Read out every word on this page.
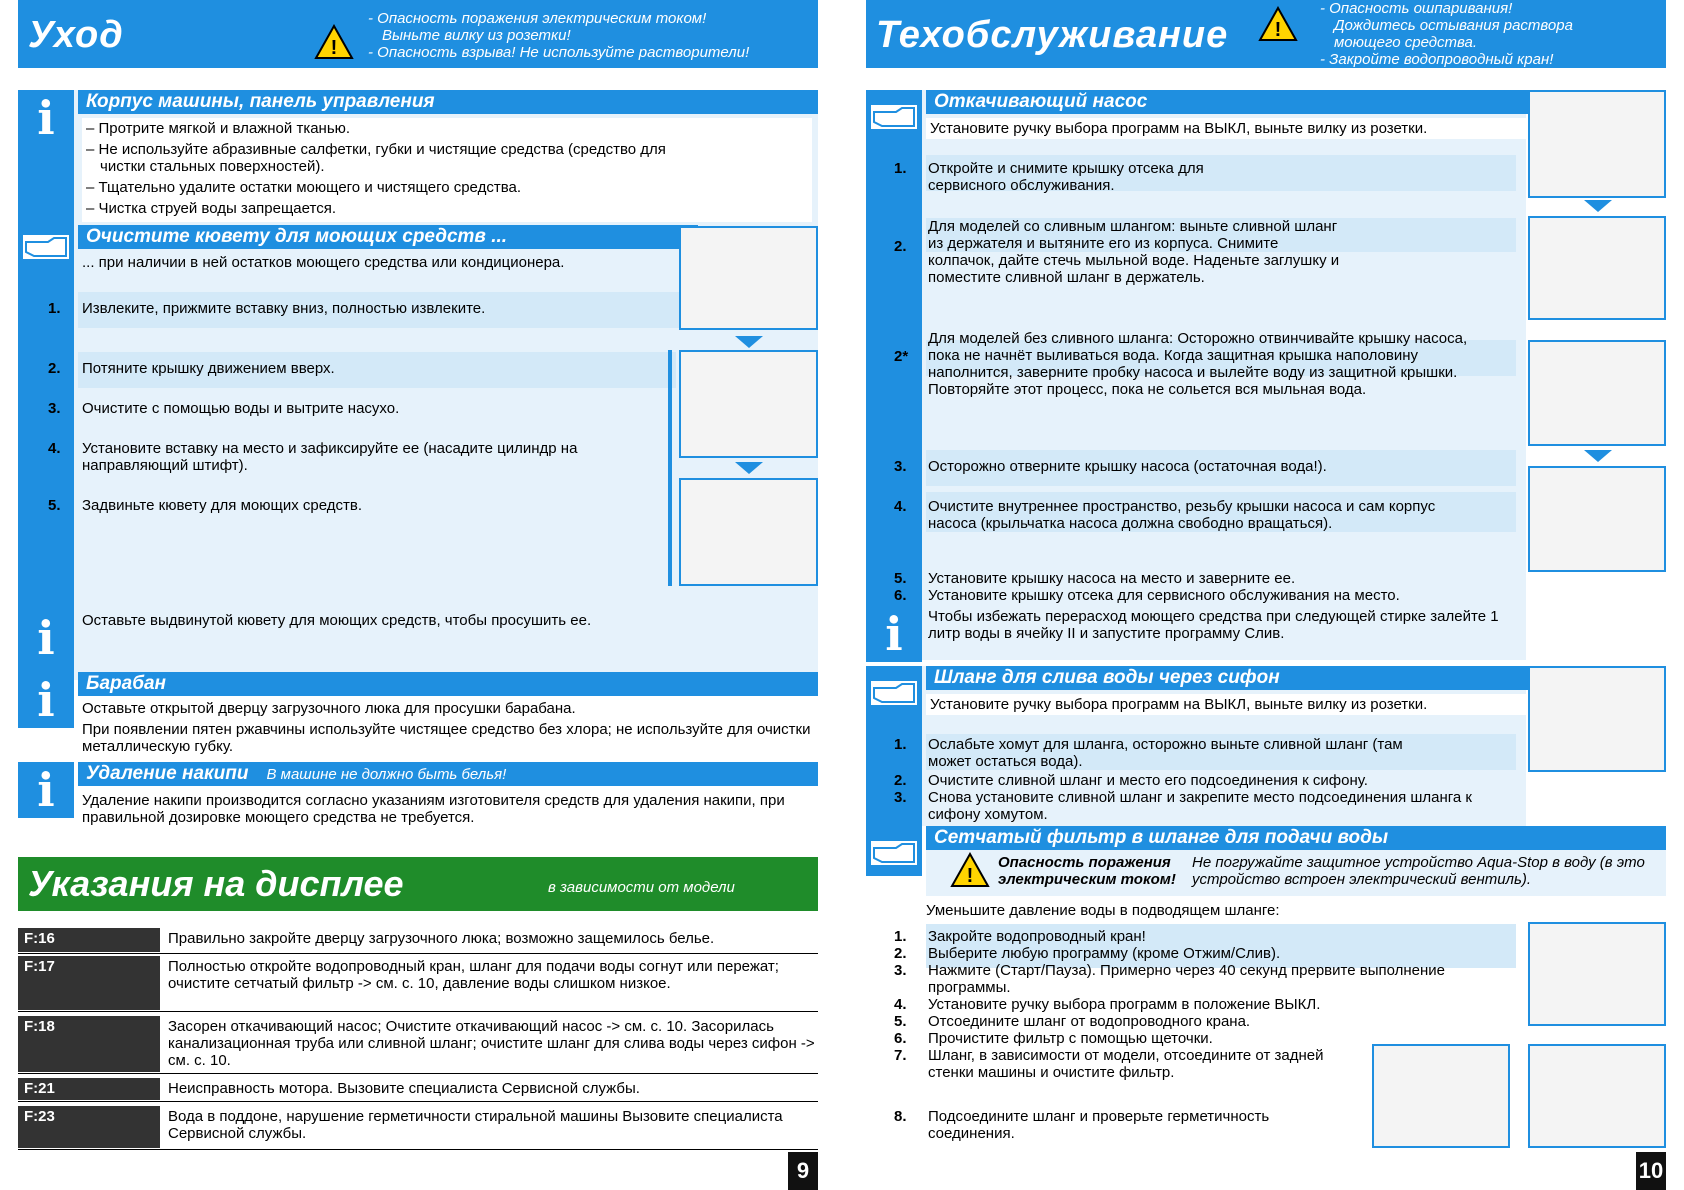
Уход	!
- Опасность поражения электрическим током!
Выньте вилку из розетки!
- Опасность взрыва! Не используйте растворители!
i	Корпус машины, панель управления
– Протрите мягкой и влажной тканью.
– Не используйте абразивные салфетки, губки и чистящие средства (средство для
чистки стальных поверхностей).
– Тщательно удалите остатки моющего и чистящего средства.
– Чистка струей воды запрещается.
Очистите кювету для моющих средств ...
... при наличии в ней остатков моющего средства или кондиционера.
1. Извлеките, прижмите вставку вниз, полностью извлеките.
2. Потяните крышку движением вверх.
3. Очистите с помощью воды и вытрите насухо.
4. Установите вставку на место и зафиксируйте ее (насадите цилиндр на направляющий штифт).
5. Задвиньте кювету для моющих средств.
i	Оставьте выдвинутой кювету для моющих средств, чтобы просушить ее.
i	Барабан
Оставьте открытой дверцу загрузочного люка для просушки барабана.
При появлении пятен ржавчины используйте чистящее средство без хлора; не используйте для очистки металлическую губку.
i	Удаление накипи В машине не должно быть белья!
Удаление накипи производится согласно указаниям изготовителя средств для удаления накипи, при правильной дозировке моющего средства не требуется.
Указания на дисплее	в зависимости от модели
F:16	Правильно закройте дверцу загрузочного люка; возможно защемилось белье.
F:17	Полностью откройте водопроводный кран, шланг для подачи воды согнут или пережат; очистите сетчатый фильтр -> см. с. 10, давление воды слишком низкое.
F:18	Засорен откачивающий насос; Очистите откачивающий насос -> см. с. 10. Засорилась канализационная труба или сливной шланг; очистите шланг для слива воды через сифон -> см. с. 10.
F:21	Неисправность мотора. Вызовите специалиста Сервисной службы.
F:23	Вода в поддоне, нарушение герметичности стиральной машины Вызовите специалиста Сервисной службы.
9
Техобслуживание !
- Опасность ошпаривания!
Дождитесь остывания раствора
моющего средства.
- Закройте водопроводный кран!
Откачивающий насос
Установите ручку выбора программ на ВЫКЛ, выньте вилку из розетки.
1. Откройте и снимите крышку отсека для сервисного обслуживания.
2.
Для моделей со сливным шлангом: выньте сливной шланг из держателя и вытяните его из корпуса. Снимите колпачок, дайте стечь мыльной воде. Наденьте заглушку и поместите сливной шланг в держатель.
2*
Для моделей без сливного шланга: Осторожно отвинчивайте крышку насоса, пока не начнёт выливаться вода. Когда защитная крышка наполовину наполнится, заверните пробку насоса и вылейте воду из защитной крышки. Повторяйте этот процесс, пока не сольется вся мыльная вода.
3. Осторожно отверните крышку насоса (остаточная вода!).
4. Очистите внутреннее пространство, резьбу крышки насоса и сам корпус насоса (крыльчатка насоса должна свободно вращаться).
5. Установите крышку насоса на место и заверните ее.
6. Установите крышку отсека для сервисного обслуживания на место.
i	Чтобы избежать перерасход моющего средства при следующей стирке залейте 1 литр воды в ячейку II и запустите программу Слив.
Шланг для слива воды через сифон
Установите ручку выбора программ на ВЫКЛ, выньте вилку из розетки.
1. Ослабьте хомут для шланга, осторожно выньте сливной шланг (там может остаться вода).
2. Очистите сливной шланг и место его подсоединения к сифону.
3. Снова установите сливной шланг и закрепите место подсоединения шланга к сифону хомутом.
Сетчатый фильтр в шланге для подачи воды
!
Опасность поражения электрическим током!
Не погружайте защитное устройство Aqua-Stop в воду (в это устройство встроен электрический вентиль).
Уменьшите давление воды в подводящем шланге:
1. Закройте водопроводный кран!
2. Выберите любую программу (кроме Отжим/Слив).
3. Нажмите (Старт/Пауза). Примерно через 40 секунд прервите выполнение программы.
4. Установите ручку выбора программ в положение ВЫКЛ.
5. Отсоедините шланг от водопроводного крана.
6. Прочистите фильтр с помощью щеточки.
7. Шланг, в зависимости от модели, отсоедините от задней стенки машины и очистите фильтр.
8. Подсоедините шланг и проверьте герметичность соединения.
10
